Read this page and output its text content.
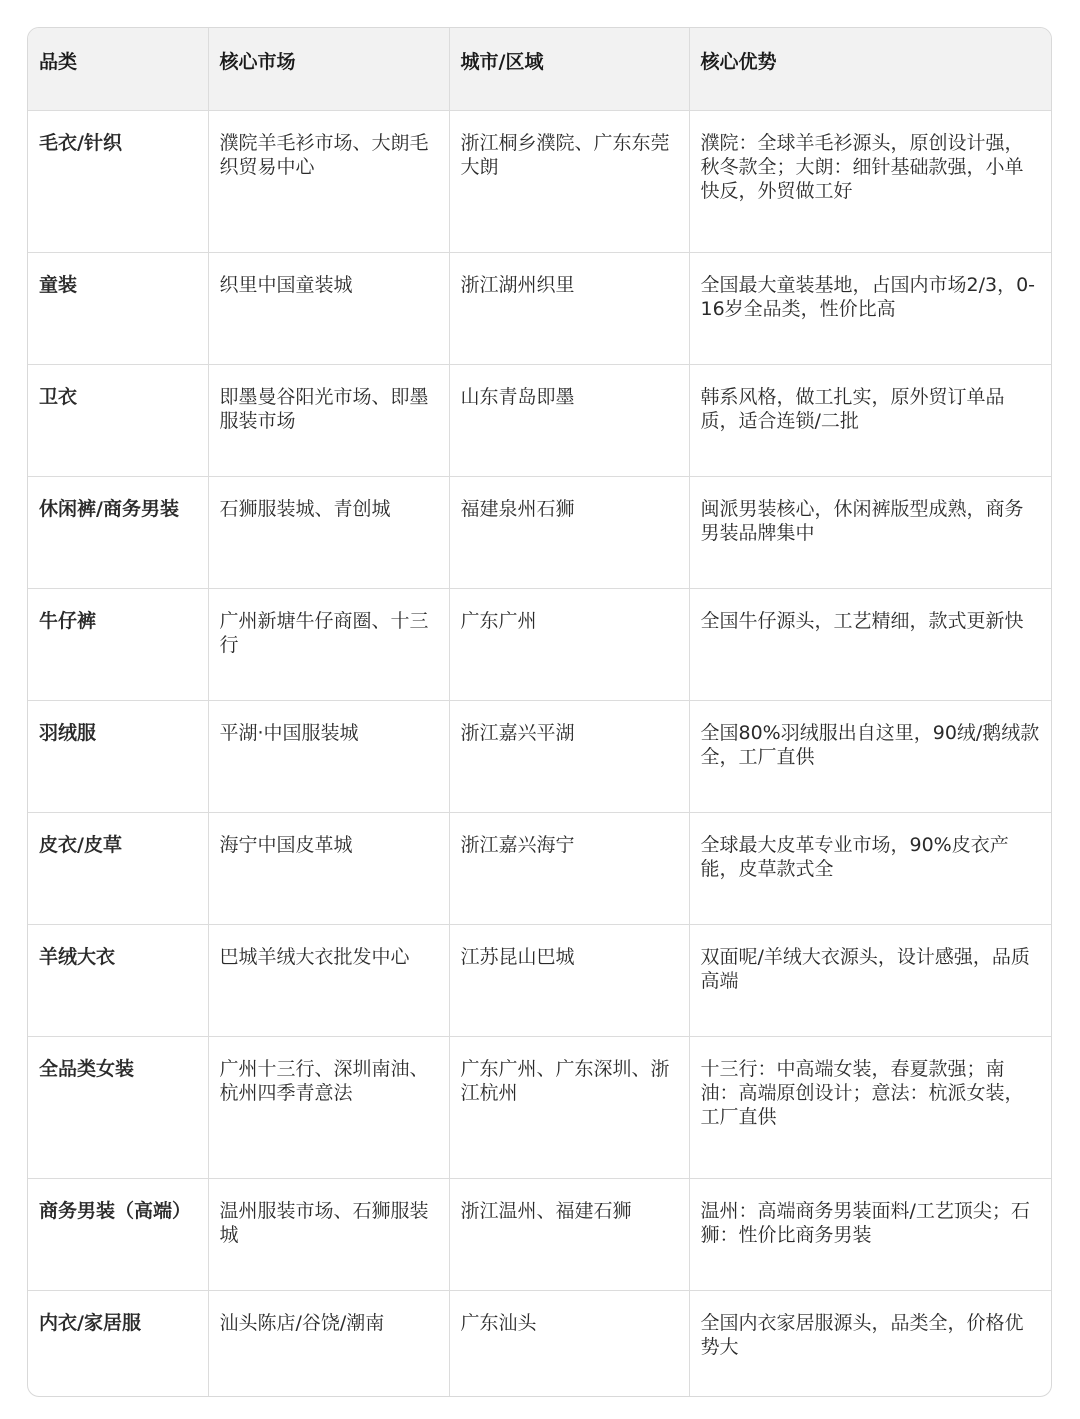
品类	核心市场	城市/区域	核心优势
毛衣/针织	濮院羊毛衫市场、大朗毛织贸易中心	浙江桐乡濮院、广东东莞大朗	濮院：全球羊毛衫源头，原创设计强，秋冬款全；大朗：细针基础款强，小单快反，外贸做工好
童装	织里中国童装城	浙江湖州织里	全国最大童装基地，占国内市场2/3，0-16岁全品类，性价比高
卫衣	即墨曼谷阳光市场、即墨服装市场	山东青岛即墨	韩系风格，做工扎实，原外贸订单品质，适合连锁/二批
休闲裤/商务男装	石狮服装城、青创城	福建泉州石狮	闽派男装核心，休闲裤版型成熟，商务男装品牌集中
牛仔裤	广州新塘牛仔商圈、十三行	广东广州	全国牛仔源头，工艺精细，款式更新快
羽绒服	平湖·中国服装城	浙江嘉兴平湖	全国80%羽绒服出自这里，90绒/鹅绒款全，工厂直供
皮衣/皮草	海宁中国皮革城	浙江嘉兴海宁	全球最大皮革专业市场，90%皮衣产能，皮草款式全
羊绒大衣	巴城羊绒大衣批发中心	江苏昆山巴城	双面呢/羊绒大衣源头，设计感强，品质高端
全品类女装	广州十三行、深圳南油、杭州四季青意法	广东广州、广东深圳、浙江杭州	十三行：中高端女装，春夏款强；南油：高端原创设计；意法：杭派女装，工厂直供
商务男装（高端）	温州服装市场、石狮服装城	浙江温州、福建石狮	温州：高端商务男装面料/工艺顶尖；石狮：性价比商务男装
内衣/家居服	汕头陈店/谷饶/潮南	广东汕头	全国内衣家居服源头，品类全，价格优势大
